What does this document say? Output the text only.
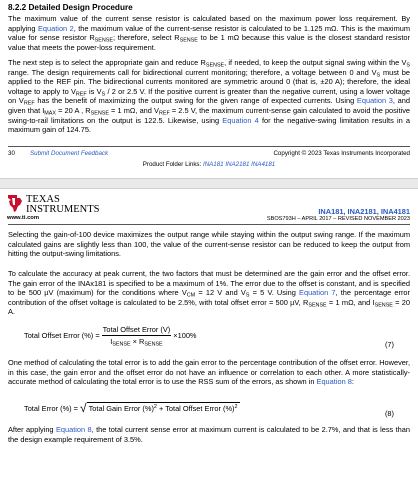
8.2.2 Detailed Design Procedure

The maximum value of the current sense resistor is calculated based on the maximum power loss requirement. By applying Equation 2, the maximum value of the current-sense resistor is calculated to be 1.125 mΩ. This is the maximum value for sense resistor $R_{SENSE}$; therefore, select $R_{SENSE}$ to be 1 mΩ because this value is the closest standard resistor value that meets the power-loss requirement.

The next step is to select the appropriate gain and reduce $R_{SENSE}$, if needed, to keep the output signal swing within the $V_S$ range. The design requirements call for bidirectional current monitoring; therefore, a voltage between 0 and $V_S$ must be applied to the REF pin. The bidirectional currents monitored are symmetric around 0 (that is, ±20 A); therefore, the ideal voltage to apply to $V_{REF}$ is $V_S / 2$ or 2.5 V. If the positive current is greater than the negative current, using a lower voltage on $V_{REF}$ has the benefit of maximizing the output swing for the given range of expected currents. Using Equation 3, and given that $I_{MAX} = 20$ A , $R_{SENSE} = 1$ mΩ, and $V_{REF} = 2.5$ V, the maximum current-sense gain calculated to avoid the positive swing-to-rail limitations on the output is 122.5. Likewise, using Equation 4 for the negative-swing limitation results in a maximum gain of 124.75.

30 Submit Document Feedback	Copyright © 2023 Texas Instruments Incorporated
Product Folder Links: INA181 INA2181 INA4181
TEXAS
INSTRUMENTS
www.ti.com
INA181, INA2181, INA4181
SBOS793H – APRIL 2017 – REVISED NOVEMBER 2023

Selecting the gain-of-100 device maximizes the output range while staying within the output swing range. If the maximum calculated gains are slightly less than 100, the value of the current-sense resistor can be reduced to keep the output from hitting the output-swing limitations.

To calculate the accuracy at peak current, the two factors that must be determined are the gain error and the offset error. The gain error of the INAx181 is specified to be a maximum of 1%. The error due to the offset is constant, and is specified to be 500 µV (maximum) for the conditions where $V_{CM} = 12$ V and $V_S = 5$ V. Using Equation 7, the percentage error contribution of the offset voltage is calculated to be 2.5%, with total offset error = 500 µV, $R_{SENSE} = 1$ mΩ, and $I_{SENSE} = 20$ A.

Total Offset Error (%) = $\frac{\text{Total Offset Error (V)}}{I_{SENSE} \times R_{SENSE}} \times 100\%$
(7)

One method of calculating the total error is to add the gain error to the percentage contribution of the offset error. However, in this case, the gain error and the offset error do not have an influence or correlation to each other. A more statistically-accurate method of calculating the total error is to use the RSS sum of the errors, as shown in Equation 8:

Total Error (%) = √ Total Gain Error (%)$^2$ + Total Offset Error (%)$^2$
(8)

After applying Equation 8, the total current sense error at maximum current is calculated to be 2.7%, and that is less than the design example requirement of 3.5%.
